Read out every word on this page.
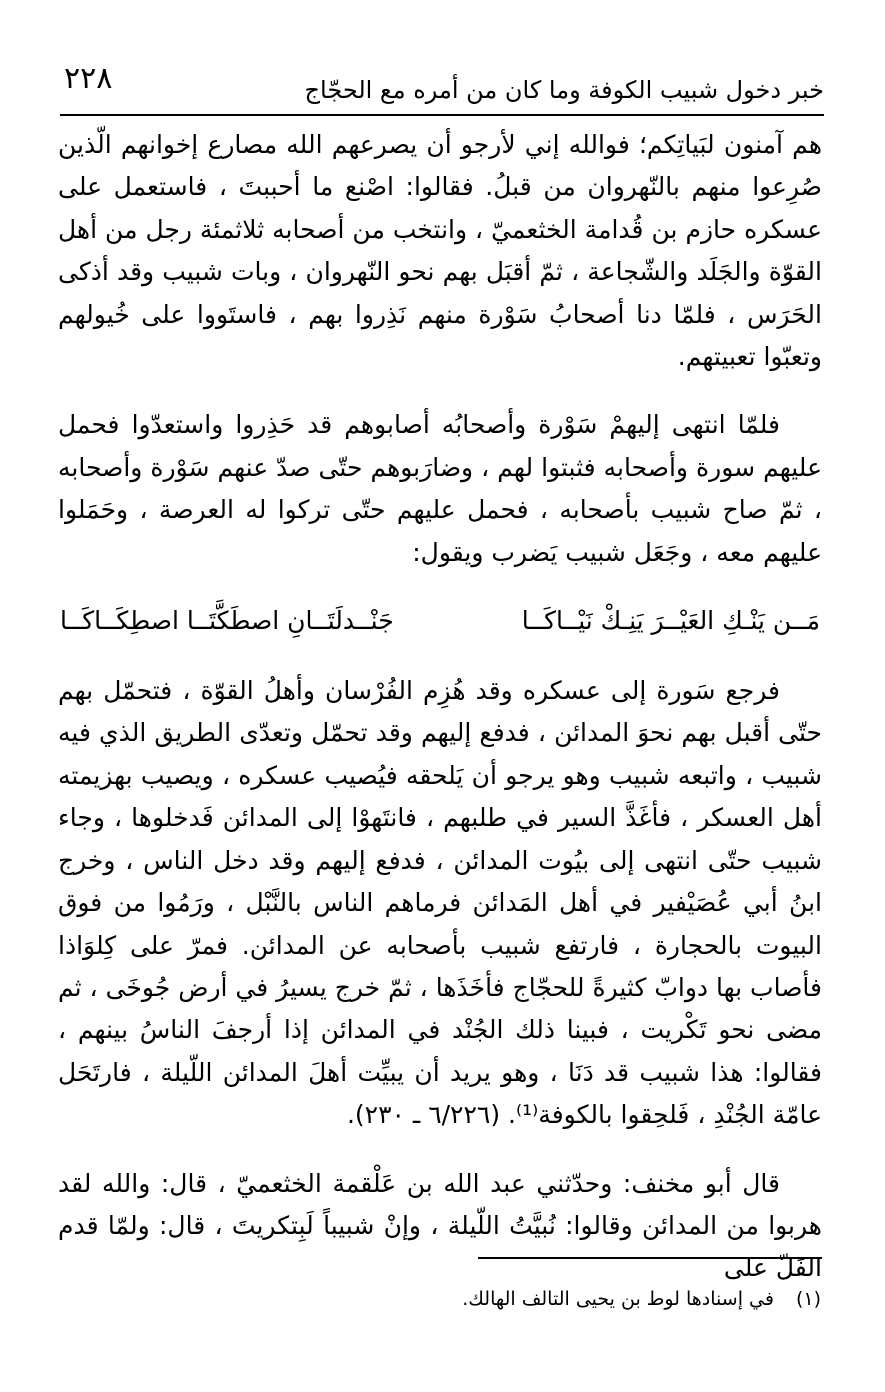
٢٢٨	خبر دخول شبيب الكوفة وما كان من أمره مع الحجّاج

هم آمنون لبَياتِكم؛ فوالله إني لأرجو أن يصرعهم الله مصارع إخوانهم الّذين صُرِعوا منهم بالنّهروان من قبلُ. فقالوا: اصْنع ما أحببتَ ، فاستعمل على عسكره حازم بن قُدامة الخثعميّ ، وانتخب من أصحابه ثلاثمئة رجل من أهل القوّة والجَلَد والشّجاعة ، ثمّ أقبَل بهم نحو النّهروان ، وبات شبيب وقد أذكى الحَرَس ، فلمّا دنا أصحابُ سَوْرة منهم نَذِروا بهم ، فاستَووا على خُيولهم وتعبّوا تعبيتهم.

فلمّا انتهى إليهمْ سَوْرة وأصحابُه أصابوهم قد حَذِروا واستعدّوا فحمل عليهم سورة وأصحابه فثبتوا لهم ، وضارَبوهم حتّى صدّ عنهم سَوْرة وأصحابه ، ثمّ صاح شبيب بأصحابه ، فحمل عليهم حتّى تركوا له العرصة ، وحَمَلوا عليهم معه ، وجَعَل شبيب يَضرب ويقول:

مَــن يَنْـكِ العَيْــرَ يَنِـكْ نَيْــاكَــا
جَنْــدلَتَــانِ اصطَكَّتَــا اصطِكَــاكَــا

فرجع سَورة إلى عسكره وقد هُزِم الفُرْسان وأهلُ القوّة ، فتحمّل بهم حتّى أقبل بهم نحوَ المدائن ، فدفع إليهم وقد تحمّل وتعدّى الطريق الذي فيه شبيب ، واتبعه شبيب وهو يرجو أن يَلحقه فيُصيب عسكره ، ويصيب بهزيمته أهل العسكر ، فأغَذَّ السير في طلبهم ، فانتَهوْا إلى المدائن فَدخلوها ، وجاء شبيب حتّى انتهى إلى بيُوت المدائن ، فدفع إليهم وقد دخل الناس ، وخرج ابنُ أبي عُصَيْفير في أهل المَدائن فرماهم الناس بالنَّبْل ، ورَمُوا من فوق البيوت بالحجارة ، فارتفع شبيب بأصحابه عن المدائن. فمرّ على كِلوَاذا فأصاب بها دوابّ كثيرةً للحجّاج فأخَذَها ، ثمّ خرج يسيرُ في أرض جُوخَى ، ثم مضى نحو تَكْريت ، فبينا ذلك الجُنْد في المدائن إذا أرجفَ الناسُ بينهم ، فقالوا: هذا شبيب قد دَنَا ، وهو يريد أن يبيِّت أهلَ المدائن اللّيلة ، فارتَحَل عامّة الجُنْدِ ، فَلحِقوا بالكوفة⁽¹⁾. (٦/٢٢٦ ـ ٢٣٠).

قال أبو مخنف: وحدّثني عبد الله بن عَلْقمة الخثعميّ ، قال: والله لقد هربوا من المدائن وقالوا: نُبيَّتُ اللّيلة ، وإنْ شبيباً لَبِتكريتَ ، قال: ولمّا قدم الفَلّ على

(١)في إسنادها لوط بن يحيى التالف الهالك.
